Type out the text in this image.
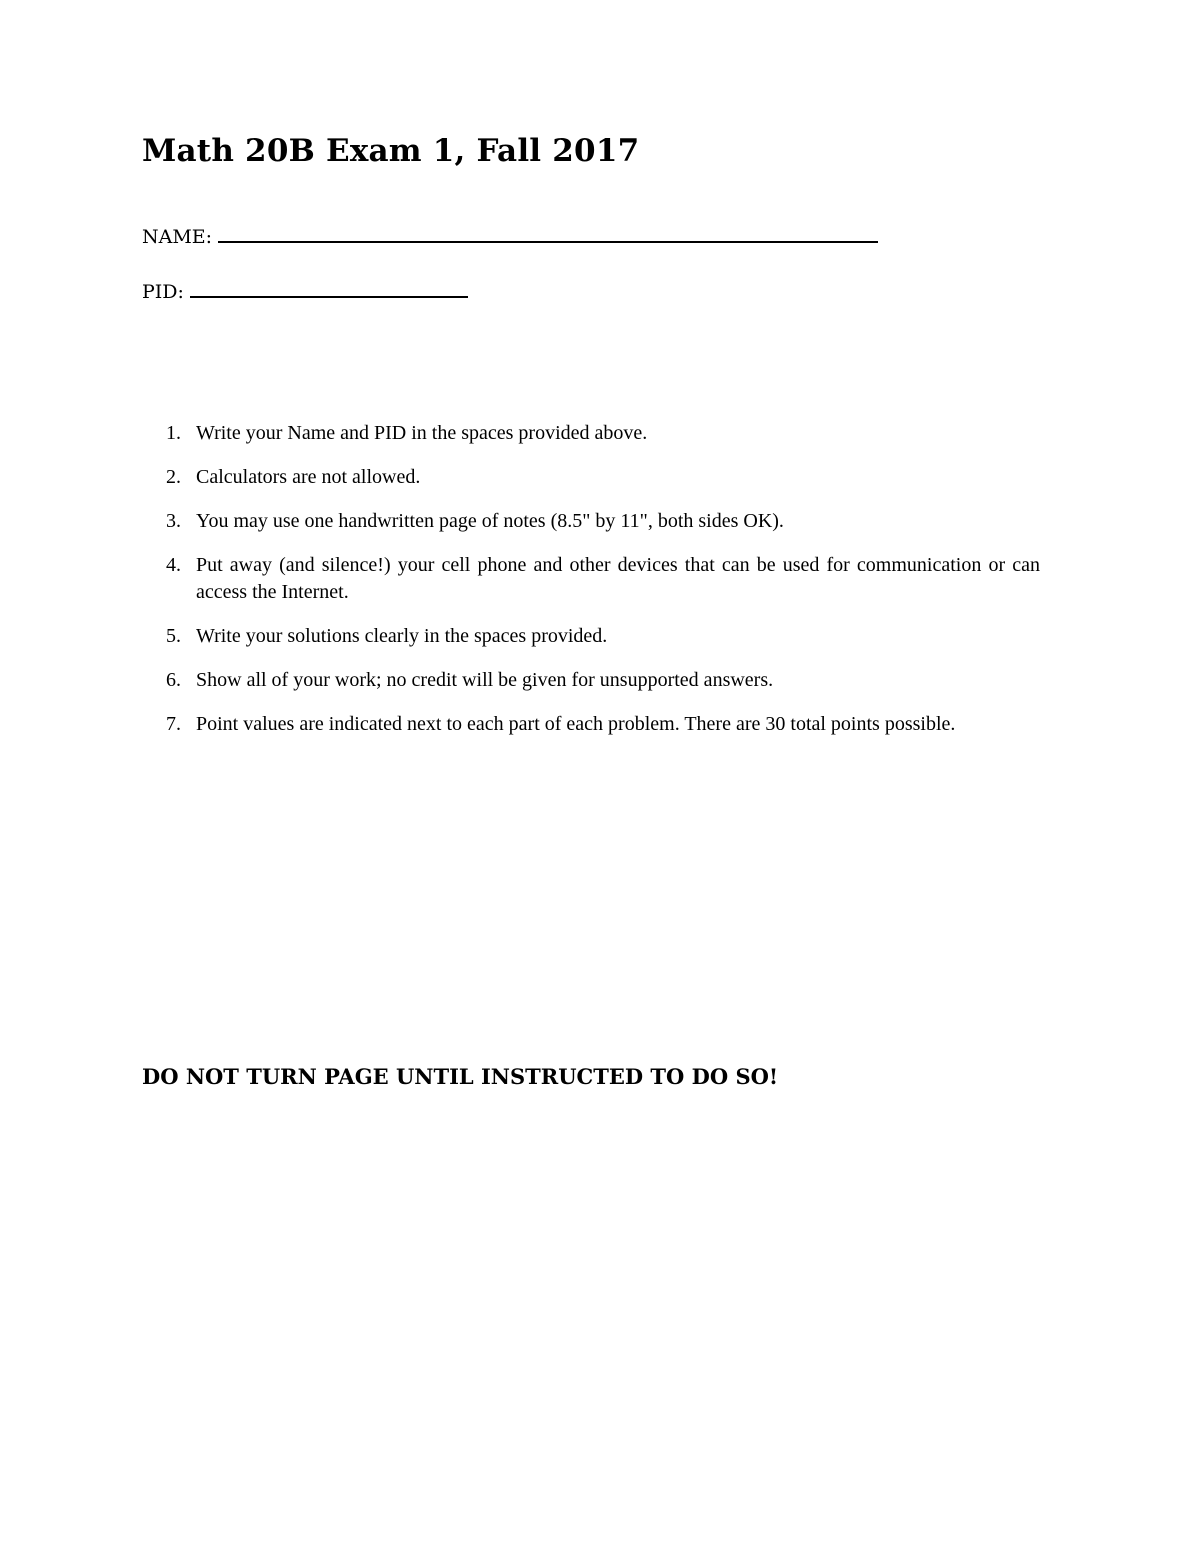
Math 20B Exam 1, Fall 2017
NAME:
PID:
1. Write your Name and PID in the spaces provided above.
2. Calculators are not allowed.
3. You may use one handwritten page of notes (8.5" by 11", both sides OK).
4. Put away (and silence!) your cell phone and other devices that can be used for communication or can access the Internet.
5. Write your solutions clearly in the spaces provided.
6. Show all of your work; no credit will be given for unsupported answers.
7. Point values are indicated next to each part of each problem. There are 30 total points possible.

DO NOT TURN PAGE UNTIL INSTRUCTED TO DO SO!
